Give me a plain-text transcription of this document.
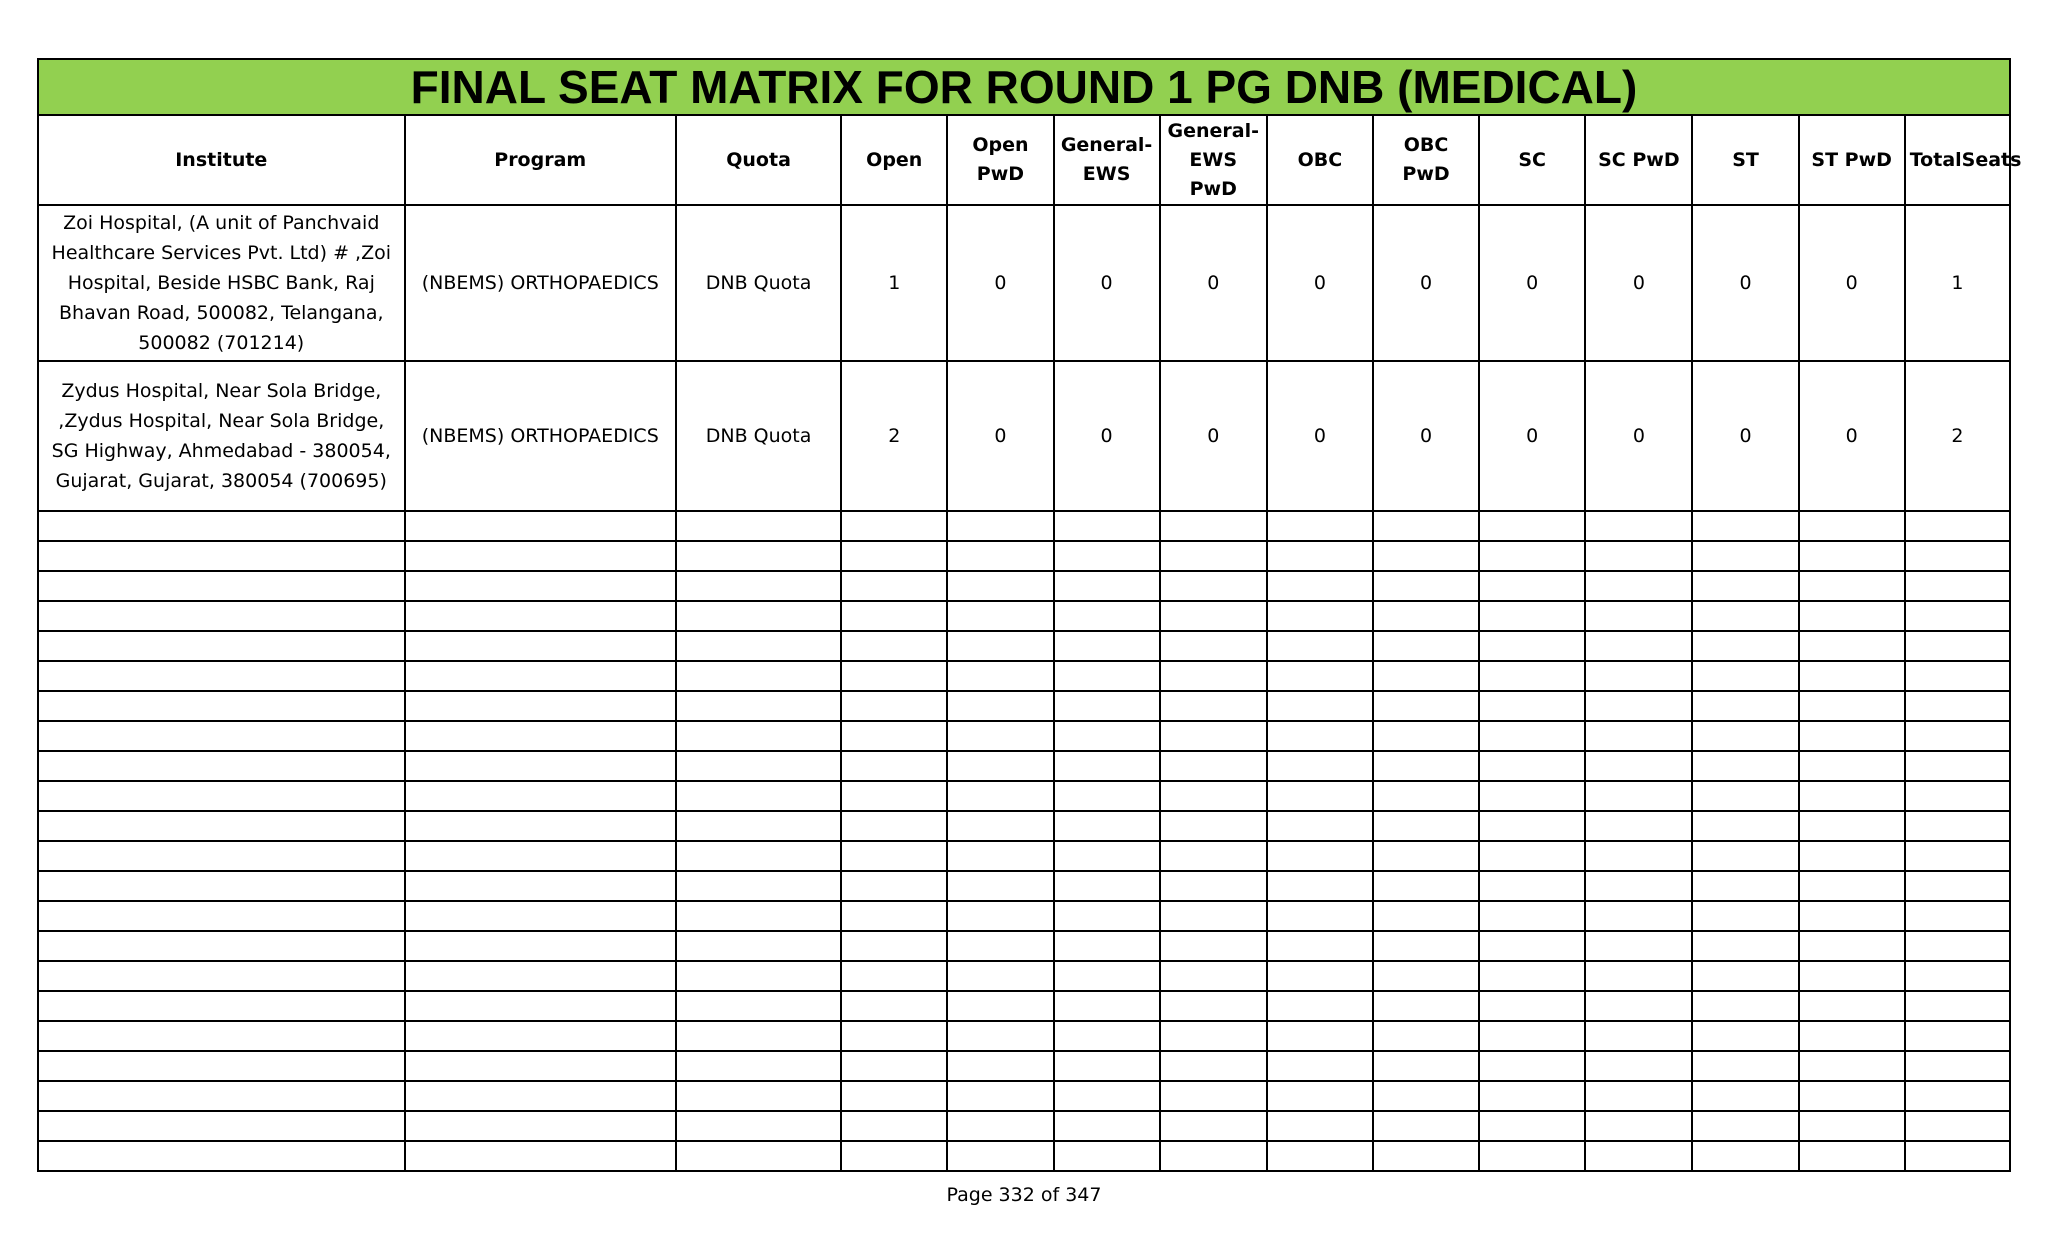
FINAL SEAT MATRIX FOR ROUND 1 PG DNB (MEDICAL)													
Institute	Program	Quota	Open	Open PwD	General-EWS	General-EWS PwD	OBC	OBC PwD	SC	SC PwD	ST	ST PwD	TotalSeats
Zoi Hospital, (A unit of Panchvaid Healthcare Services Pvt. Ltd) # ,Zoi Hospital, Beside HSBC Bank, Raj Bhavan Road, 500082, Telangana, 500082 (701214)	(NBEMS) ORTHOPAEDICS	DNB Quota	1	0	0	0	0	0	0	0	0	0	1
Zydus Hospital, Near Sola Bridge, ,Zydus Hospital, Near Sola Bridge, SG Highway, Ahmedabad - 380054, Gujarat, Gujarat, 380054 (700695)	(NBEMS) ORTHOPAEDICS	DNB Quota	2	0	0	0	0	0	0	0	0	0	2

Page 332 of 347
